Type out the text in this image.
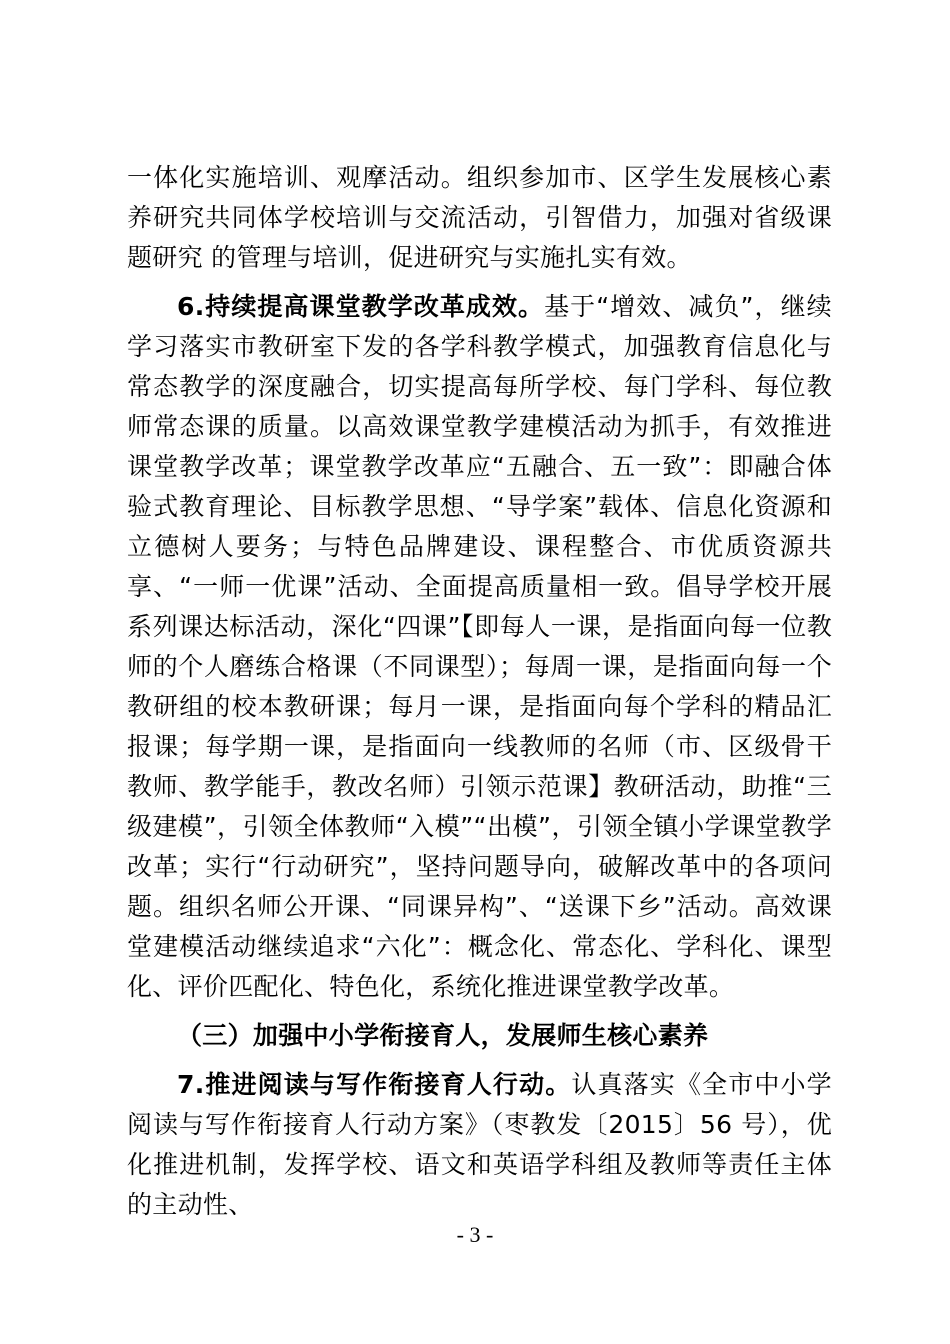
一体化实施培训、观摩活动。组织参加市、区学生发展核心素养研究共同体学校培训与交流活动，引智借力，加强对省级课题研究 的管理与培训，促进研究与实施扎实有效。

6.持续提高课堂教学改革成效。基于“增效、减负”，继续学习落实市教研室下发的各学科教学模式，加强教育信息化与常态教学的深度融合，切实提高每所学校、每门学科、每位教师常态课的质量。以高效课堂教学建模活动为抓手，有效推进课堂教学改革；课堂教学改革应“五融合、五一致”：即融合体验式教育理论、目标教学思想、“导学案”载体、信息化资源和立德树人要务；与特色品牌建设、课程整合、市优质资源共享、“一师一优课”活动、全面提高质量相一致。倡导学校开展系列课达标活动，深化“四课”【即每人一课，是指面向每一位教师的个人磨练合格课（不同课型）；每周一课，是指面向每一个教研组的校本教研课；每月一课，是指面向每个学科的精品汇报课；每学期一课，是指面向一线教师的名师（市、区级骨干教师、教学能手，教改名师）引领示范课】教研活动，助推“三级建模”，引领全体教师“入模”“出模”，引领全镇小学课堂教学改革；实行“行动研究”，坚持问题导向，破解改革中的各项问题。组织名师公开课、“同课异构”、“送课下乡”活动。高效课堂建模活动继续追求“六化”：概念化、常态化、学科化、课型化、评价匹配化、特色化，系统化推进课堂教学改革。

（三）加强中小学衔接育人，发展师生核心素养

7.推进阅读与写作衔接育人行动。认真落实《全市中小学阅读与写作衔接育人行动方案》（枣教发〔2015〕56 号），优化推进机制，发挥学校、语文和英语学科组及教师等责任主体的主动性、

- 3 -
